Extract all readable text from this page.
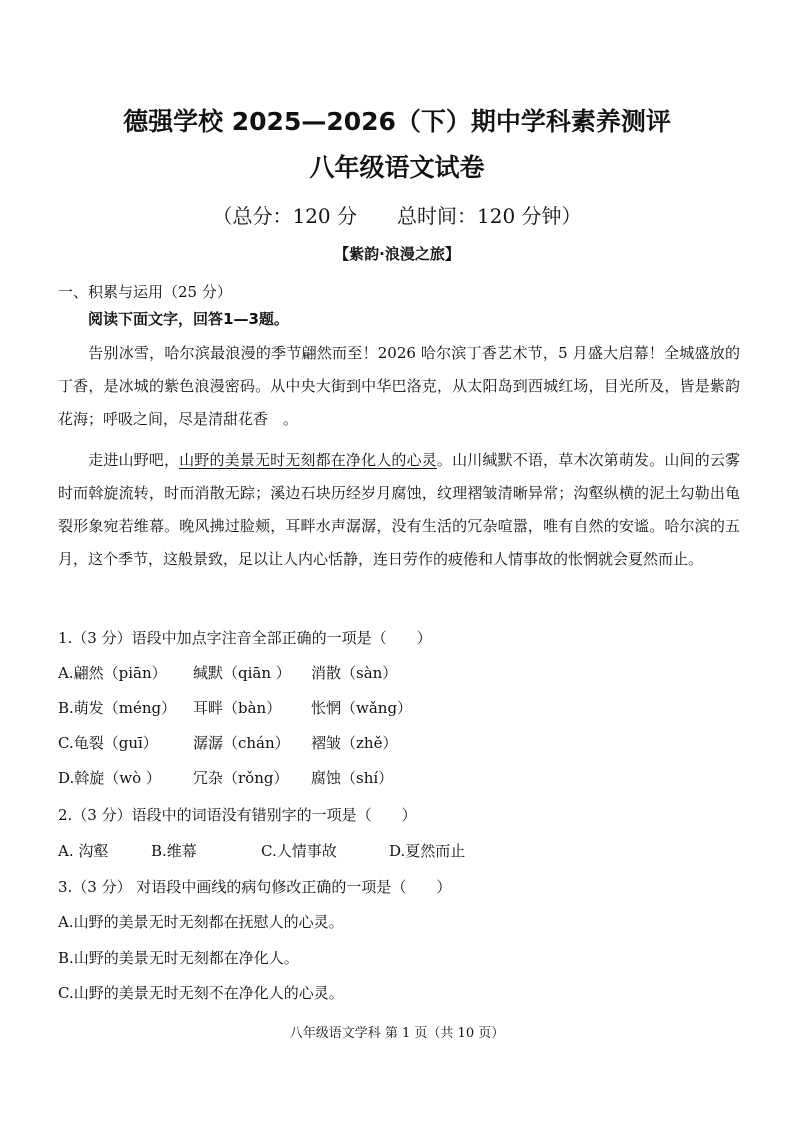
德强学校 2025—2026（下）期中学科素养测评
八年级语文试卷
（总分：120 分　　总时间：120 分钟）
【紫韵·浪漫之旅】
一、积累与运用（25 分）
阅读下面文字，回答1—3题。
告别冰雪，哈尔滨最浪漫的季节翩然而至！2026 哈尔滨丁香艺术节，5 月盛大启幕！全城盛放的丁香，是冰城的紫色浪漫密码。从中央大街到中华巴洛克，从太阳岛到西城红场，目光所及，皆是紫韵花海；呼吸之间，尽是清甜花香　。
走进山野吧，山野的美景无时无刻都在净化人的心灵。山川缄默不语，草木次第萌发。山间的云雾时而斡旋流转，时而消散无踪；溪边石块历经岁月腐蚀，纹理褶皱清晰异常；沟壑纵横的泥土勾勒出龟裂形象宛若维幕。晚风拂过脸颊，耳畔水声潺潺，没有生活的冗杂喧嚣，唯有自然的安谧。哈尔滨的五月，这个季节，这般景致，足以让人内心恬静，连日劳作的疲倦和人情事故的怅惘就会夏然而止。
1.（3 分）语段中加点字注音全部正确的一项是（　　）
A.翩然（piān） 缄默（qiān ） 消散（sàn）
B.萌发（méng） 耳畔（bàn） 怅惘（wǎng）
C.龟裂（guī） 潺潺（chán） 褶皱（zhě）
D.斡旋（wò ） 冗杂（rǒng） 腐蚀（shí）
2.（3 分）语段中的词语没有错别字的一项是（　　）
A. 沟壑	B.维幕	C.人情事故	D.夏然而止
3.（3 分） 对语段中画线的病句修改正确的一项是（　　）
A.山野的美景无时无刻都在抚慰人的心灵。
B.山野的美景无时无刻都在净化人。
C.山野的美景无时无刻不在净化人的心灵。
八年级语文学科 第 1 页（共 10 页）
